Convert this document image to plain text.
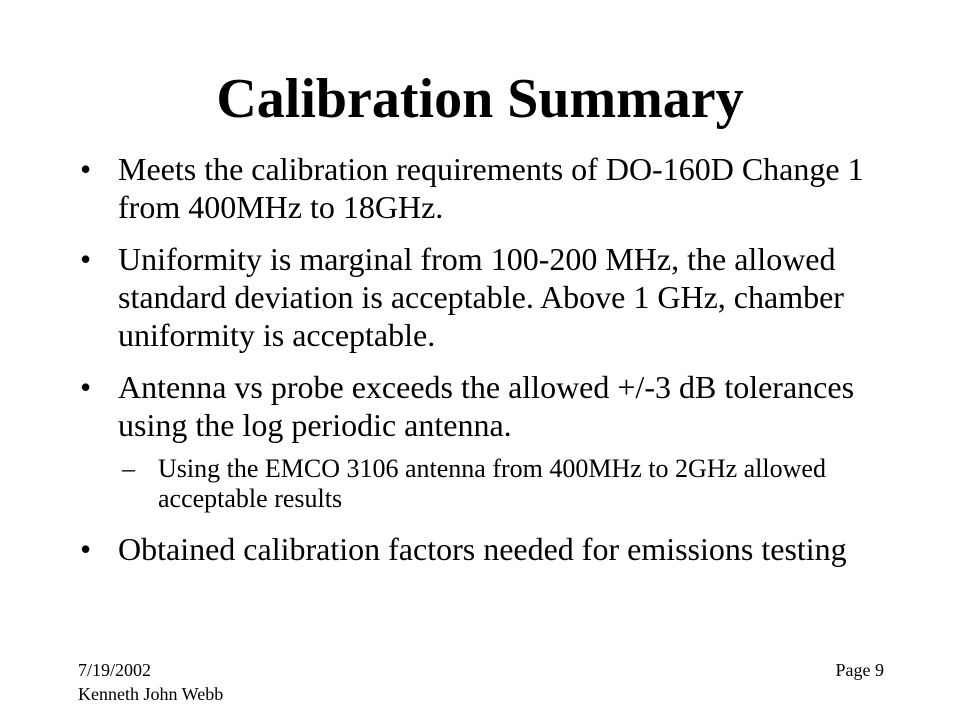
Calibration Summary
• Meets the calibration requirements of DO-160D Change 1 from 400MHz to 18GHz.
• Uniformity is marginal from 100-200 MHz, the allowed standard deviation is acceptable. Above 1 GHz, chamber uniformity is acceptable.
• Antenna vs probe exceeds the allowed +/-3 dB tolerances using the log periodic antenna.
– Using the EMCO 3106 antenna from 400MHz to 2GHz allowed acceptable results
• Obtained calibration factors needed for emissions testing
7/19/2002
Kenneth John Webb
Page 9
